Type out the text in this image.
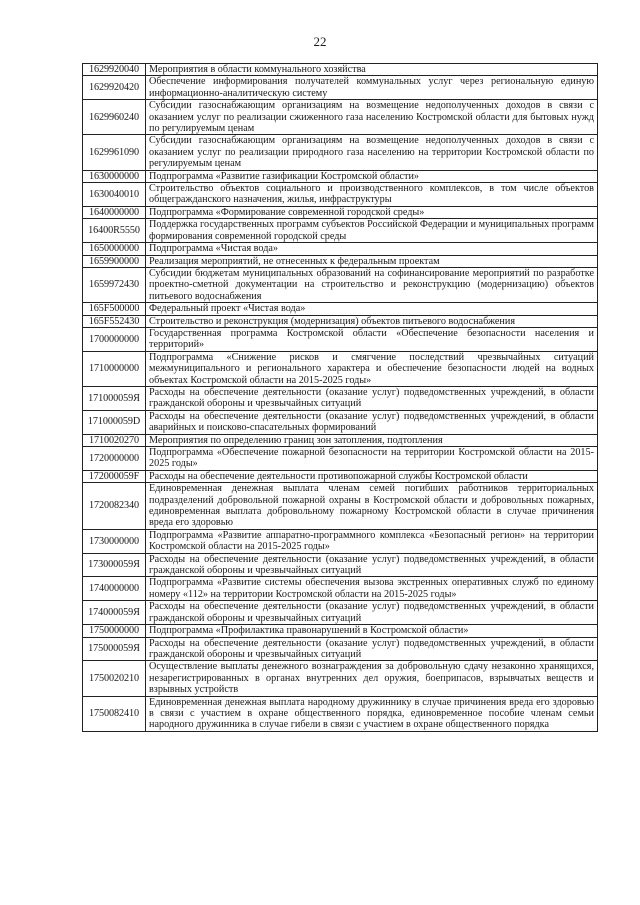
22
1629920040	Мероприятия в области коммунального хозяйства
1629920420	Обеспечение информирования получателей коммунальных услуг через региональную единую информационно-аналитическую систему
1629960240	Субсидии газоснабжающим организациям на возмещение недополученных доходов в связи с оказанием услуг по реализации сжиженного газа населению Костромской области для бытовых нужд по регулируемым ценам
1629961090	Субсидии газоснабжающим организациям на возмещение недополученных доходов в связи с оказанием услуг по реализации природного газа населению на территории Костромской области по регулируемым ценам
1630000000	Подпрограмма «Развитие газификации Костромской области»
1630040010	Строительство объектов социального и производственного комплексов, в том числе объектов общегражданского назначения, жилья, инфраструктуры
1640000000	Подпрограмма «Формирование современной городской среды»
16400R5550	Поддержка государственных программ субъектов Российской Федерации и муниципальных программ формирования современной городской среды
1650000000	Подпрограмма «Чистая вода»
1659900000	Реализация мероприятий, не отнесенных к федеральным проектам
1659972430	Субсидии бюджетам муниципальных образований на софинансирование мероприятий по разработке проектно-сметной документации на строительство и реконструкцию (модернизацию) объектов питьевого водоснабжения
165F500000	Федеральный проект «Чистая вода»
165F552430	Строительство и реконструкция (модернизация) объектов питьевого водоснабжения
1700000000	Государственная программа Костромской области «Обеспечение безопасности населения и территорий»
1710000000	Подпрограмма «Снижение рисков и смягчение последствий чрезвычайных ситуаций межмуниципального и регионального характера и обеспечение безопасности людей на водных объектах Костромской области на 2015-2025 годы»
171000059Я	Расходы на обеспечение деятельности (оказание услуг) подведомственных учреждений, в области гражданской обороны и чрезвычайных ситуаций
171000059D	Расходы на обеспечение деятельности (оказание услуг) подведомственных учреждений, в области аварийных и поисково-спасательных формирований
1710020270	Мероприятия по определению границ зон затопления, подтопления
1720000000	Подпрограмма «Обеспечение пожарной безопасности на территории Костромской области на 2015-2025 годы»
172000059F	Расходы на обеспечение деятельности противопожарной службы Костромской области
1720082340	Единовременная денежная выплата членам семей погибших работников территориальных подразделений добровольной пожарной охраны в Костромской области и добровольных пожарных, единовременная выплата добровольному пожарному Костромской области в случае причинения вреда его здоровью
1730000000	Подпрограмма «Развитие аппаратно-программного комплекса «Безопасный регион» на территории Костромской области на 2015-2025 годы»
173000059Я	Расходы на обеспечение деятельности (оказание услуг) подведомственных учреждений, в области гражданской обороны и чрезвычайных ситуаций
1740000000	Подпрограмма «Развитие системы обеспечения вызова экстренных оперативных служб по единому номеру «112» на территории Костромской области на 2015-2025 годы»
174000059Я	Расходы на обеспечение деятельности (оказание услуг) подведомственных учреждений, в области гражданской обороны и чрезвычайных ситуаций
1750000000	Подпрограмма «Профилактика правонарушений в Костромской области»
175000059Я	Расходы на обеспечение деятельности (оказание услуг) подведомственных учреждений, в области гражданской обороны и чрезвычайных ситуаций
1750020210	Осуществление выплаты денежного вознаграждения за добровольную сдачу незаконно хранящихся, незарегистрированных в органах внутренних дел оружия, боеприпасов, взрывчатых веществ и взрывных устройств
1750082410	Единовременная денежная выплата народному дружиннику в случае причинения вреда его здоровью в связи с участием в охране общественного порядка, единовременное пособие членам семьи народного дружинника в случае гибели в связи с участием в охране общественного порядка
